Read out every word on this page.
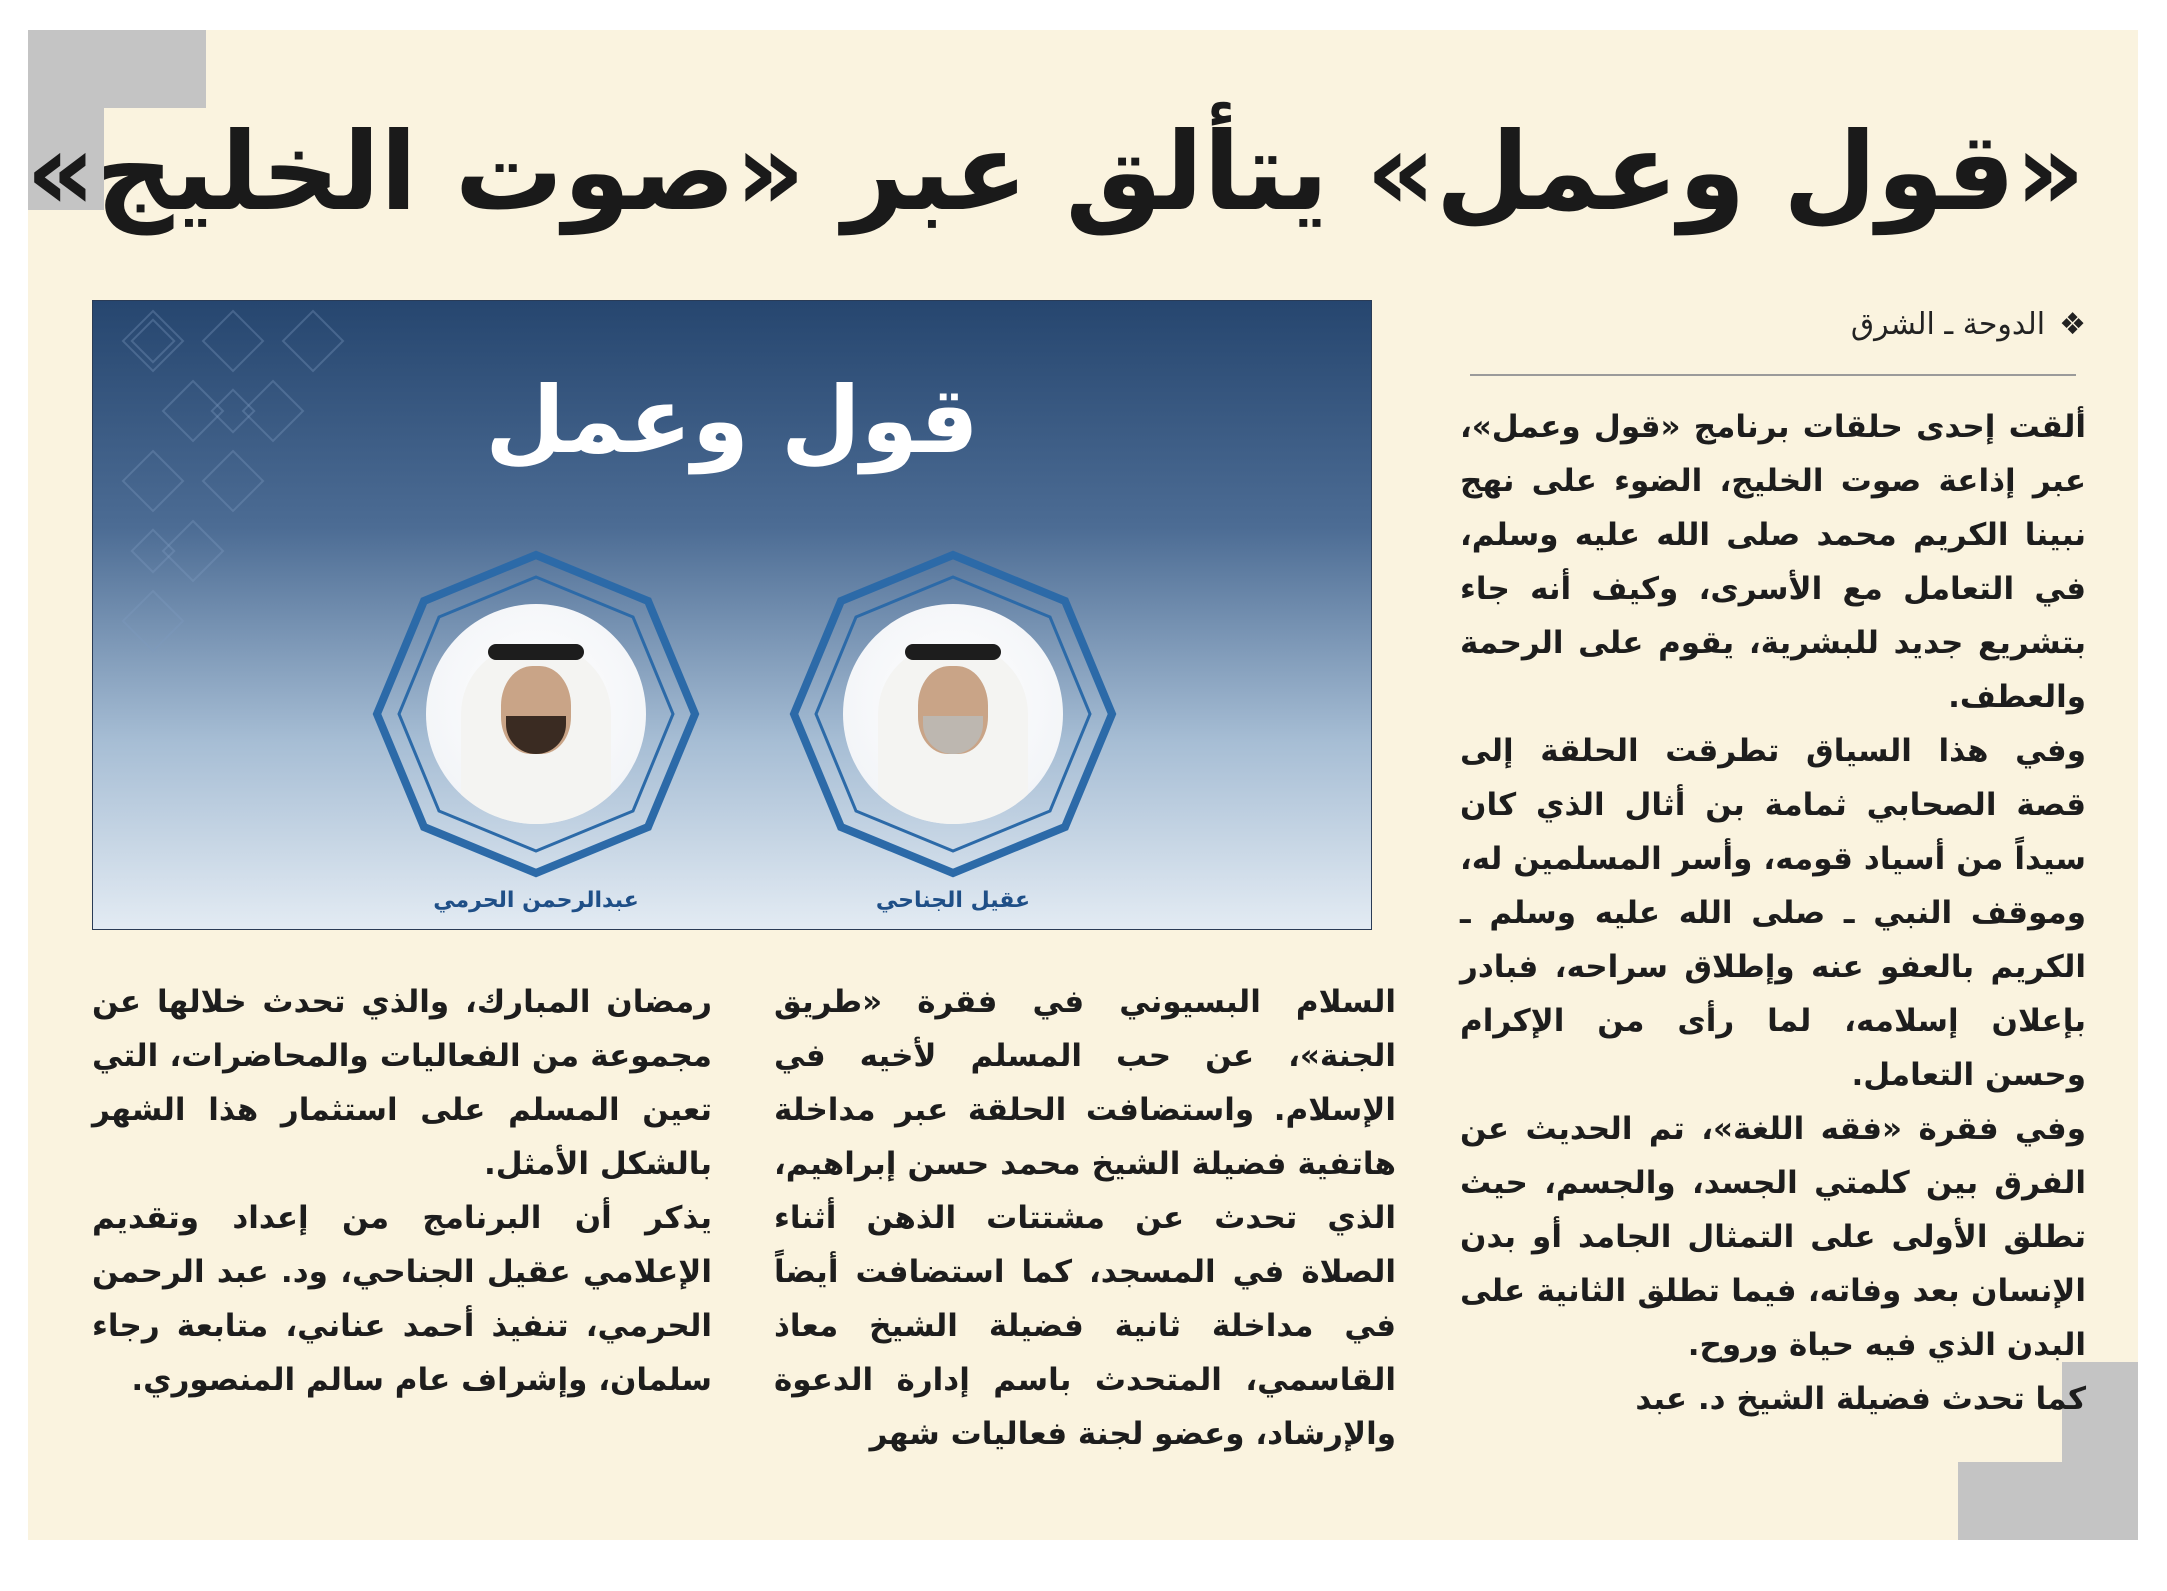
«قول وعمل» يتألق عبر «صوت الخليج»
❖الدوحة ـ الشرق

ألقت إحدى حلقات برنامج «قول وعمل»، عبر إذاعة صوت الخليج، الضوء على نهج نبينا الكريم محمد صلى الله عليه وسلم، في التعامل مع الأسرى، وكيف أنه جاء بتشريع جديد للبشرية، يقوم على الرحمة والعطف.

وفي هذا السياق تطرقت الحلقة إلى قصة الصحابي ثمامة بن أثال الذي كان سيداً من أسياد قومه، وأسر المسلمين له، وموقف النبي ـ صلى الله عليه وسلم ـ الكريم بالعفو عنه وإطلاق سراحه، فبادر بإعلان إسلامه، لما رأى من الإكرام وحسن التعامل.

وفي فقرة «فقه اللغة»، تم الحديث عن الفرق بين كلمتي الجسد، والجسم، حيث تطلق الأولى على التمثال الجامد أو بدن الإنسان بعد وفاته، فيما تطلق الثانية على البدن الذي فيه حياة وروح.

كما تحدث فضيلة الشيخ د. عبد

قول وعمل
عقيل الجناحي
عبدالرحمن الحرمي

السلام البسيوني في فقرة «طريق الجنة»، عن حب المسلم لأخيه في الإسلام. واستضافت الحلقة عبر مداخلة هاتفية فضيلة الشيخ محمد حسن إبراهيم، الذي تحدث عن مشتتات الذهن أثناء الصلاة في المسجد، كما استضافت أيضاً في مداخلة ثانية فضيلة الشيخ معاذ القاسمي، المتحدث باسم إدارة الدعوة والإرشاد، وعضو لجنة فعاليات شهر

رمضان المبارك، والذي تحدث خلالها عن مجموعة من الفعاليات والمحاضرات، التي تعين المسلم على استثمار هذا الشهر بالشكل الأمثل.

يذكر أن البرنامج من إعداد وتقديم الإعلامي عقيل الجناحي، ود. عبد الرحمن الحرمي، تنفيذ أحمد عناني، متابعة رجاء سلمان، وإشراف عام سالم المنصوري.
